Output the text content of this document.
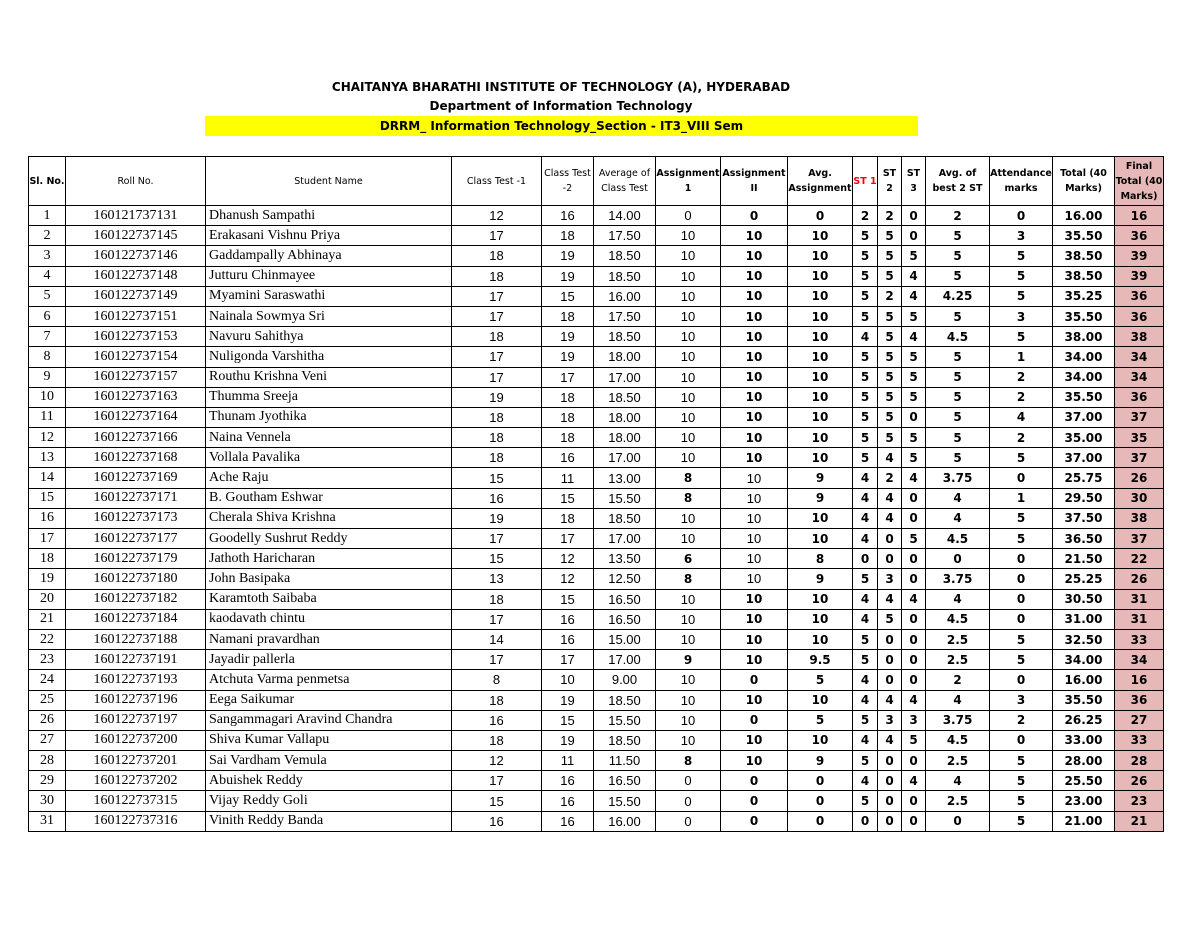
CHAITANYA BHARATHI INSTITUTE OF TECHNOLOGY (A), HYDERABAD
Department of Information Technology
DRRM_ Information Technology_Section - IT3_VIII Sem
Sl. No.	Roll No.	Student Name	Class Test -1	Class Test -2	Average of Class Test	Assignment 1	Assignment II	Avg. Assignment	ST 1	ST 2	ST 3	Avg. of best 2 ST	Attendance marks	Total (40 Marks)	Final Total (40 Marks)
1	160121737131	Dhanush Sampathi	12	16	14.00	0	0	0	2	2	0	2	0	16.00	16
2	160122737145	Erakasani Vishnu Priya	17	18	17.50	10	10	10	5	5	0	5	3	35.50	36
3	160122737146	Gaddampally Abhinaya	18	19	18.50	10	10	10	5	5	5	5	5	38.50	39
4	160122737148	Jutturu Chinmayee	18	19	18.50	10	10	10	5	5	4	5	5	38.50	39
5	160122737149	Myamini Saraswathi	17	15	16.00	10	10	10	5	2	4	4.25	5	35.25	36
6	160122737151	Nainala Sowmya Sri	17	18	17.50	10	10	10	5	5	5	5	3	35.50	36
7	160122737153	Navuru Sahithya	18	19	18.50	10	10	10	4	5	4	4.5	5	38.00	38
8	160122737154	Nuligonda Varshitha	17	19	18.00	10	10	10	5	5	5	5	1	34.00	34
9	160122737157	Routhu Krishna Veni	17	17	17.00	10	10	10	5	5	5	5	2	34.00	34
10	160122737163	Thumma Sreeja	19	18	18.50	10	10	10	5	5	5	5	2	35.50	36
11	160122737164	Thunam Jyothika	18	18	18.00	10	10	10	5	5	0	5	4	37.00	37
12	160122737166	Naina Vennela	18	18	18.00	10	10	10	5	5	5	5	2	35.00	35
13	160122737168	Vollala Pavalika	18	16	17.00	10	10	10	5	4	5	5	5	37.00	37
14	160122737169	Ache Raju	15	11	13.00	8	10	9	4	2	4	3.75	0	25.75	26
15	160122737171	B. Goutham Eshwar	16	15	15.50	8	10	9	4	4	0	4	1	29.50	30
16	160122737173	Cherala Shiva Krishna	19	18	18.50	10	10	10	4	4	0	4	5	37.50	38
17	160122737177	Goodelly Sushrut Reddy	17	17	17.00	10	10	10	4	0	5	4.5	5	36.50	37
18	160122737179	Jathoth Haricharan	15	12	13.50	6	10	8	0	0	0	0	0	21.50	22
19	160122737180	John Basipaka	13	12	12.50	8	10	9	5	3	0	3.75	0	25.25	26
20	160122737182	Karamtoth Saibaba	18	15	16.50	10	10	10	4	4	4	4	0	30.50	31
21	160122737184	kaodavath chintu	17	16	16.50	10	10	10	4	5	0	4.5	0	31.00	31
22	160122737188	Namani pravardhan	14	16	15.00	10	10	10	5	0	0	2.5	5	32.50	33
23	160122737191	Jayadir pallerla	17	17	17.00	9	10	9.5	5	0	0	2.5	5	34.00	34
24	160122737193	Atchuta Varma penmetsa	8	10	9.00	10	0	5	4	0	0	2	0	16.00	16
25	160122737196	Eega Saikumar	18	19	18.50	10	10	10	4	4	4	4	3	35.50	36
26	160122737197	Sangammagari Aravind Chandra	16	15	15.50	10	0	5	5	3	3	3.75	2	26.25	27
27	160122737200	Shiva Kumar Vallapu	18	19	18.50	10	10	10	4	4	5	4.5	0	33.00	33
28	160122737201	Sai Vardham Vemula	12	11	11.50	8	10	9	5	0	0	2.5	5	28.00	28
29	160122737202	Abuishek Reddy	17	16	16.50	0	0	0	4	0	4	4	5	25.50	26
30	160122737315	Vijay Reddy Goli	15	16	15.50	0	0	0	5	0	0	2.5	5	23.00	23
31	160122737316	Vinith Reddy Banda	16	16	16.00	0	0	0	0	0	0	0	5	21.00	21
